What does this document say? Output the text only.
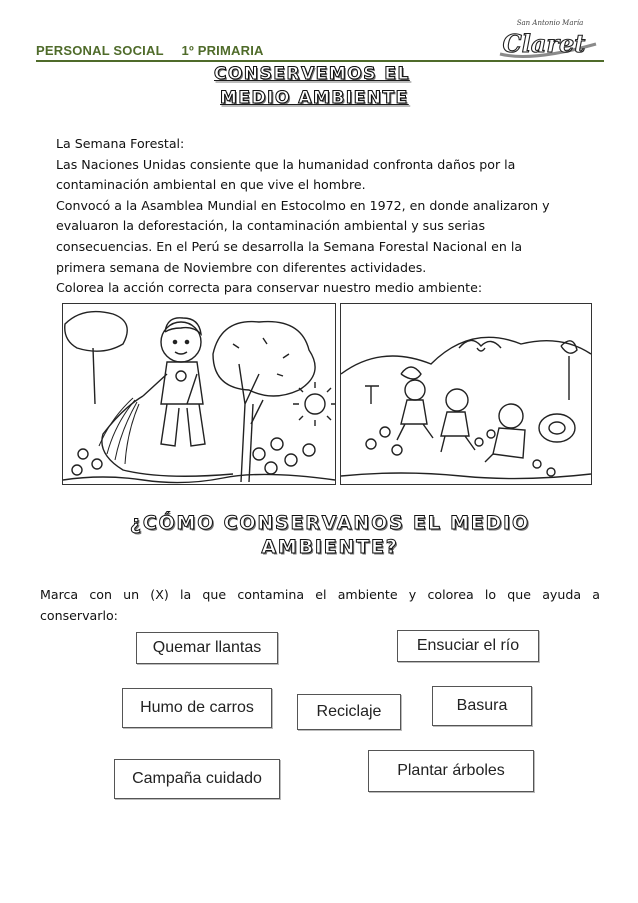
PERSONAL SOCIAL 1º PRIMARIA
San Antonio María
Claret
CONSERVEMOS EL
MEDIO AMBIENTE
La Semana Forestal:
Las Naciones Unidas consiente que la humanidad confronta daños por la
contaminación ambiental en que vive el hombre.
Convocó a la Asamblea Mundial en Estocolmo en 1972, en donde analizaron y
evaluaron la deforestación, la contaminación ambiental y sus serias
consecuencias. En el Perú se desarrolla la Semana Forestal Nacional en la
primera semana de Noviembre con diferentes actividades.
Colorea la acción correcta para conservar nuestro medio ambiente:
¿CÓMO CONSERVANOS EL MEDIO
AMBIENTE?
Marca con un (X) la que contamina el ambiente y colorea lo que ayuda a
conservarlo:
Quemar llantas	Ensuciar el río
Humo de carros	Reciclaje	Basura
Campaña cuidado	Plantar árboles
